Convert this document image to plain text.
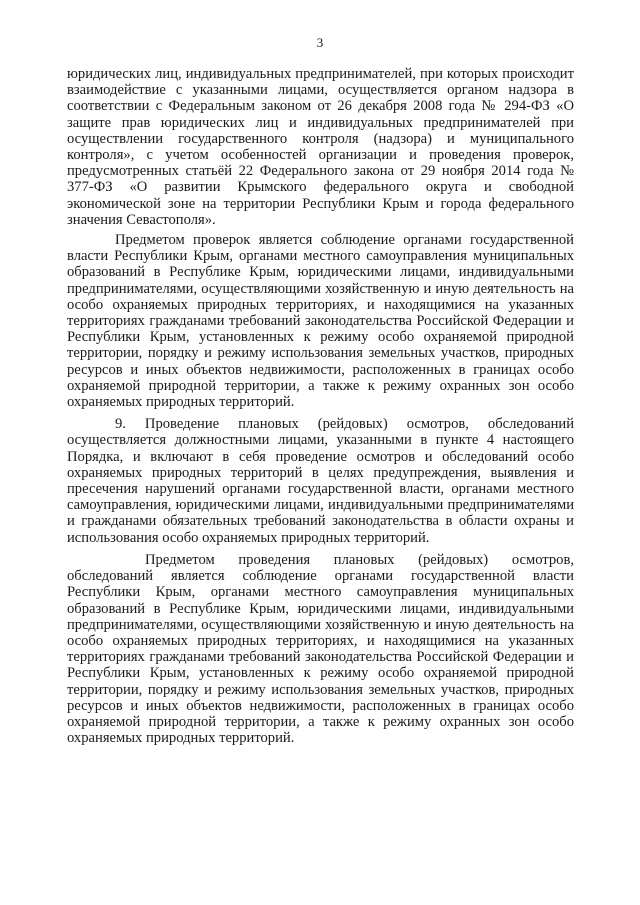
3

юридических лиц, индивидуальных предпринимателей, при которых происходит взаимодействие с указанными лицами, осуществляется органом надзора в соответствии с Федеральным законом от 26 декабря 2008 года № 294-ФЗ «О защите прав юридических лиц и индивидуальных предпринимателей при осуществлении государственного контроля (надзора) и муниципального контроля», с учетом особенностей организации и проведения проверок, предусмотренных статьёй 22 Федерального закона от 29 ноября 2014 года № 377-ФЗ «О развитии Крымского федерального округа и свободной экономической зоне на территории Республики Крым и города федерального значения Севастополя».

Предметом проверок является соблюдение органами государственной власти Республики Крым, органами местного самоуправления муниципальных образований в Республике Крым, юридическими лицами, индивидуальными предпринимателями, осуществляющими хозяйственную и иную деятельность на особо охраняемых природных территориях, и находящимися на указанных территориях гражданами требований законодательства Российской Федерации и Республики Крым, установленных к режиму особо охраняемой природной территории, порядку и режиму использования земельных участков, природных ресурсов и иных объектов недвижимости, расположенных в границах особо охраняемой природной территории, а также к режиму охранных зон особо охраняемых природных территорий.

9. Проведение плановых (рейдовых) осмотров, обследований осуществляется должностными лицами, указанными в пункте 4 настоящего Порядка, и включают в себя проведение осмотров и обследований особо охраняемых природных территорий в целях предупреждения, выявления и пресечения нарушений органами государственной власти, органами местного самоуправления, юридическими лицами, индивидуальными предпринимателями и гражданами обязательных требований законодательства в области охраны и использования особо охраняемых природных территорий.

Предметом проведения плановых (рейдовых) осмотров, обследований является соблюдение органами государственной власти Республики Крым, органами местного самоуправления муниципальных образований в Республике Крым, юридическими лицами, индивидуальными предпринимателями, осуществляющими хозяйственную и иную деятельность на особо охраняемых природных территориях, и находящимися на указанных территориях гражданами требований законодательства Российской Федерации и Республики Крым, установленных к режиму особо охраняемой природной территории, порядку и режиму использования земельных участков, природных ресурсов и иных объектов недвижимости, расположенных в границах особо охраняемой природной территории, а также к режиму охранных зон особо охраняемых природных территорий.
